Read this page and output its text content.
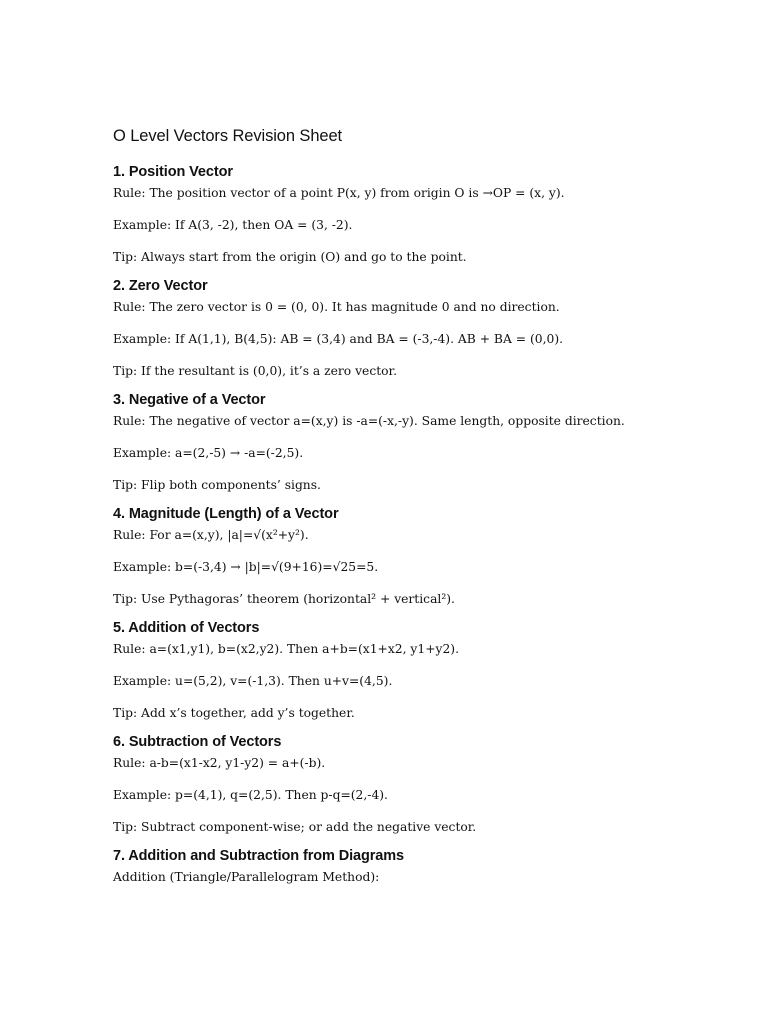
O Level Vectors Revision Sheet
1. Position Vector

Rule: The position vector of a point P(x, y) from origin O is →OP = (x, y).

Example: If A(3, -2), then OA = (3, -2).

Tip: Always start from the origin (O) and go to the point.

2. Zero Vector

Rule: The zero vector is 0 = (0, 0). It has magnitude 0 and no direction.

Example: If A(1,1), B(4,5): AB = (3,4) and BA = (-3,-4). AB + BA = (0,0).

Tip: If the resultant is (0,0), it’s a zero vector.

3. Negative of a Vector

Rule: The negative of vector a=(x,y) is -a=(-x,-y). Same length, opposite direction.

Example: a=(2,-5) → -a=(-2,5).

Tip: Flip both components’ signs.

4. Magnitude (Length) of a Vector

Rule: For a=(x,y), |a|=√(x²+y²).

Example: b=(-3,4) → |b|=√(9+16)=√25=5.

Tip: Use Pythagoras’ theorem (horizontal² + vertical²).

5. Addition of Vectors

Rule: a=(x1,y1), b=(x2,y2). Then a+b=(x1+x2, y1+y2).

Example: u=(5,2), v=(-1,3). Then u+v=(4,5).

Tip: Add x’s together, add y’s together.

6. Subtraction of Vectors

Rule: a-b=(x1-x2, y1-y2) = a+(-b).

Example: p=(4,1), q=(2,5). Then p-q=(2,-4).

Tip: Subtract component-wise; or add the negative vector.

7. Addition and Subtraction from Diagrams

Addition (Triangle/Parallelogram Method):
